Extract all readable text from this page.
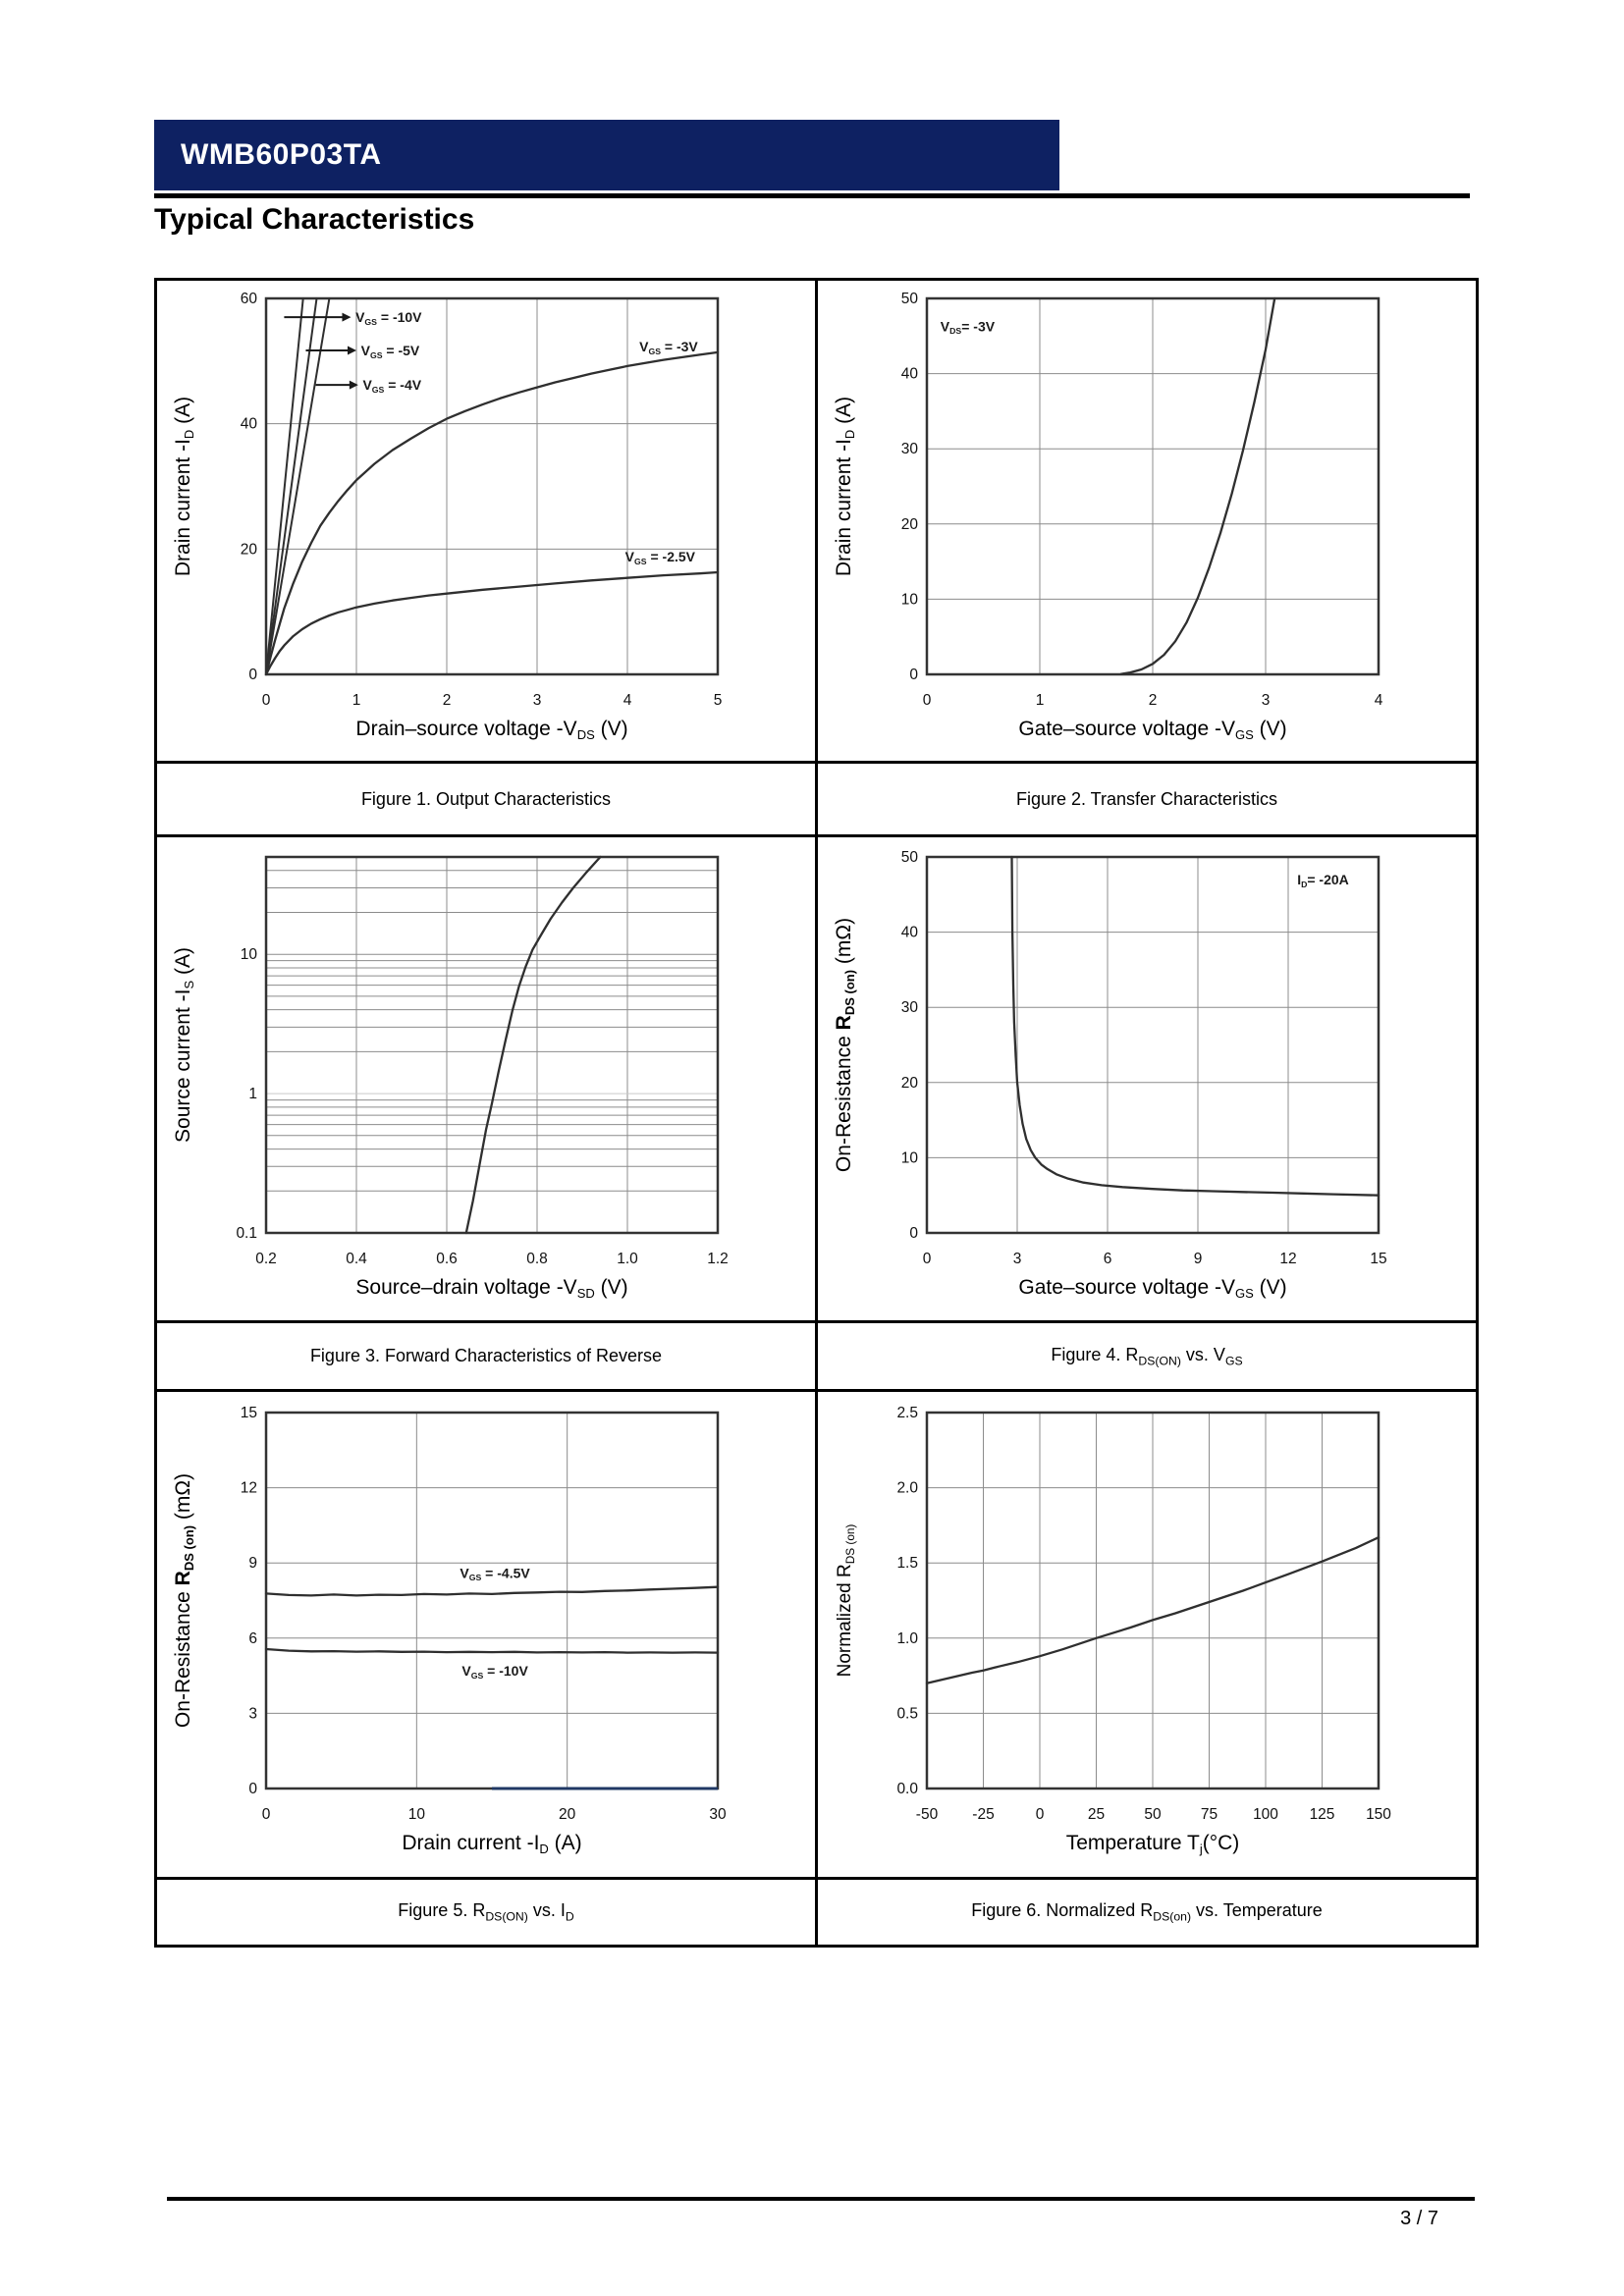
WMB60P03TA
Typical Characteristics
0	1	2	3	4	5
0
20
40
60
Drain–source voltage $-V_{DS}$ (V)
Drain current $-I_D$ (A)
VGS = -10V
VGS = -5V
VGS = -4V
VGS = -3V
VGS = -2.5V

0	1	2	3	4
0
10
20
30
40
50
Gate–source voltage $-V_{GS}$ (V)
Drain current $-I_D$ (A)
VDS= -3V

Figure 1. Output Characteristics	Figure 2. Transfer Characteristics

0.2	0.4	0.6	0.8	1.0	1.2
0.1
1
10
Source–drain voltage $-V_{SD}$ (V)
Source current $-I_S$ (A)

0	3	6	9	12	15
0
10
20
30
40
50
Gate–source voltage $-V_{GS}$ (V)
On-Resistance $R_{DS (on)}$ (mΩ)
ID= -20A

Figure 3. Forward Characteristics of Reverse	Figure 4. $R_{DS(ON)}$ vs. $V_{GS}$

0	10	20	30
0
3
6
9
12
15
Drain current $-I_D$ (A)
On-Resistance $R_{DS (on)}$ (mΩ)
VGS = -4.5V
VGS = -10V

-50 -25	0	25	50	75 100 125 150
0.0
0.5
1.0
1.5
2.0
2.5
Temperature $T_j(^\circ C)$
Normalized $R_{DS (on)}$

Figure 5. $R_{DS(ON)}$ vs. $I_D$	Figure 6. Normalized $R_{DS(on)}$ vs. Temperature
3 / 7
